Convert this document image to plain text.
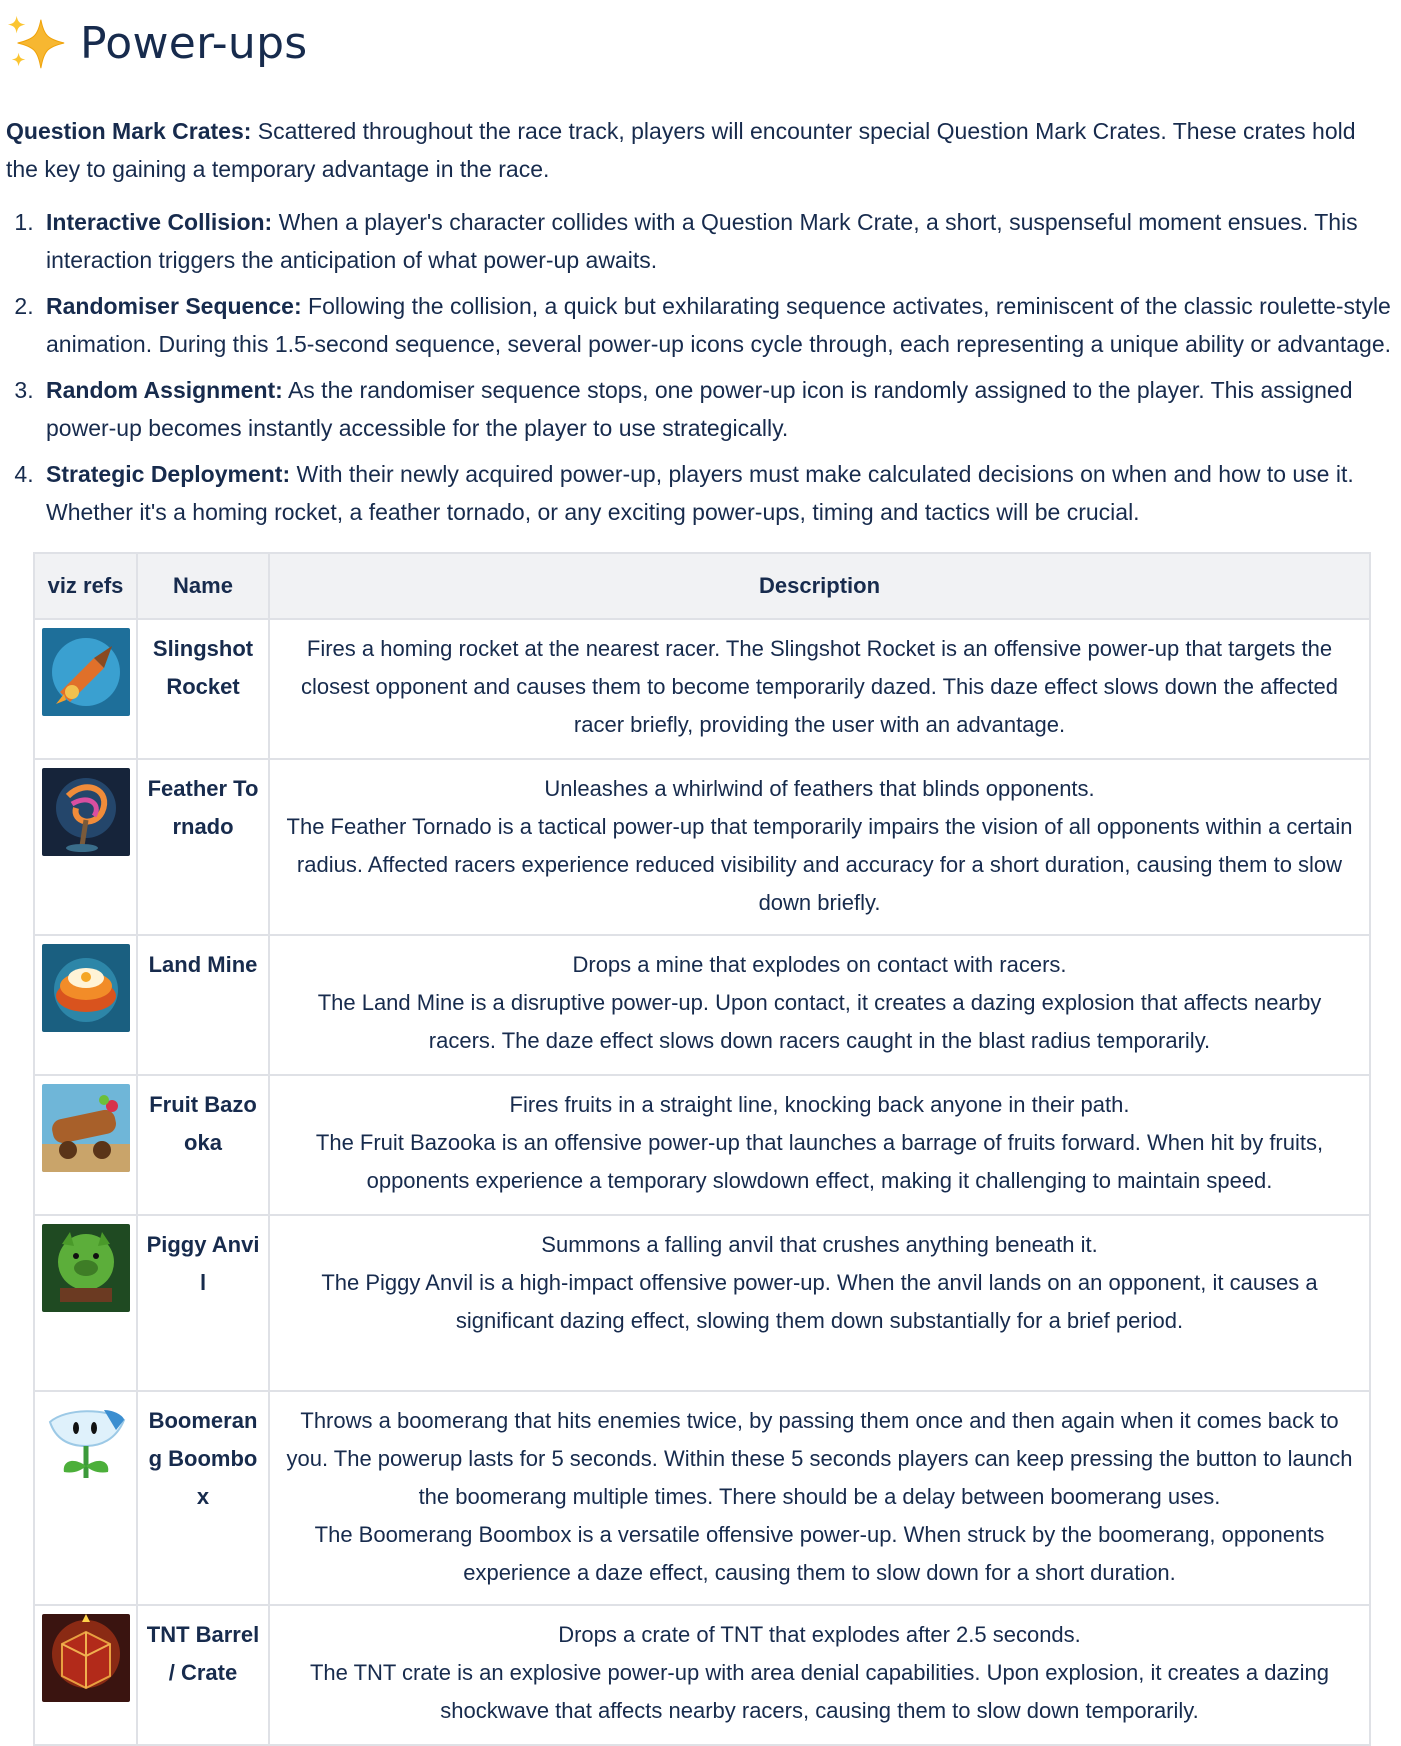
Power-ups

Question Mark Crates: Scattered throughout the race track, players will encounter special Question Mark Crates. These crates hold the key to gaining a temporary advantage in the race.

1. Interactive Collision: When a player's character collides with a Question Mark Crate, a short, suspenseful moment ensues. This interaction triggers the anticipation of what power-up awaits.
2. Randomiser Sequence: Following the collision, a quick but exhilarating sequence activates, reminiscent of the classic roulette-style animation. During this 1.5-second sequence, several power-up icons cycle through, each representing a unique ability or advantage.
3. Random Assignment: As the randomiser sequence stops, one power-up icon is randomly assigned to the player. This assigned power-up becomes instantly accessible for the player to use strategically.
4. Strategic Deployment: With their newly acquired power-up, players must make calculated decisions on when and how to use it. Whether it's a homing rocket, a feather tornado, or any exciting power-ups, timing and tactics will be crucial.
viz refs	Name	Description

	Slingshot Rocket	Fires a homing rocket at the nearest racer. The Slingshot Rocket is an offensive power-up that targets the closest opponent and causes them to become temporarily dazed. This daze effect slows down the affected racer briefly, providing the user with an advantage.

	Feather Tornado	Unleashes a whirlwind of feathers that blinds opponents.
The Feather Tornado is a tactical power-up that temporarily impairs the vision of all opponents within a certain radius. Affected racers experience reduced visibility and accuracy for a short duration, causing them to slow down briefly.

	Land Mine	Drops a mine that explodes on contact with racers.
The Land Mine is a disruptive power-up. Upon contact, it creates a dazing explosion that affects nearby racers. The daze effect slows down racers caught in the blast radius temporarily.

	Fruit Bazooka	Fires fruits in a straight line, knocking back anyone in their path.
The Fruit Bazooka is an offensive power-up that launches a barrage of fruits forward. When hit by fruits, opponents experience a temporary slowdown effect, making it challenging to maintain speed.

	Piggy Anvil	Summons a falling anvil that crushes anything beneath it.
The Piggy Anvil is a high-impact offensive power-up. When the anvil lands on an opponent, it causes a significant dazing effect, slowing them down substantially for a brief period.

	Boomerang Boombox	Throws a boomerang that hits enemies twice, by passing them once and then again when it comes back to you. The powerup lasts for 5 seconds. Within these 5 seconds players can keep pressing the button to launch the boomerang multiple times. There should be a delay between boomerang uses.
The Boomerang Boombox is a versatile offensive power-up. When struck by the boomerang, opponents experience a daze effect, causing them to slow down for a short duration.

	TNT Barrel / Crate	Drops a crate of TNT that explodes after 2.5 seconds.
The TNT crate is an explosive power-up with area denial capabilities. Upon explosion, it creates a dazing shockwave that affects nearby racers, causing them to slow down temporarily.
